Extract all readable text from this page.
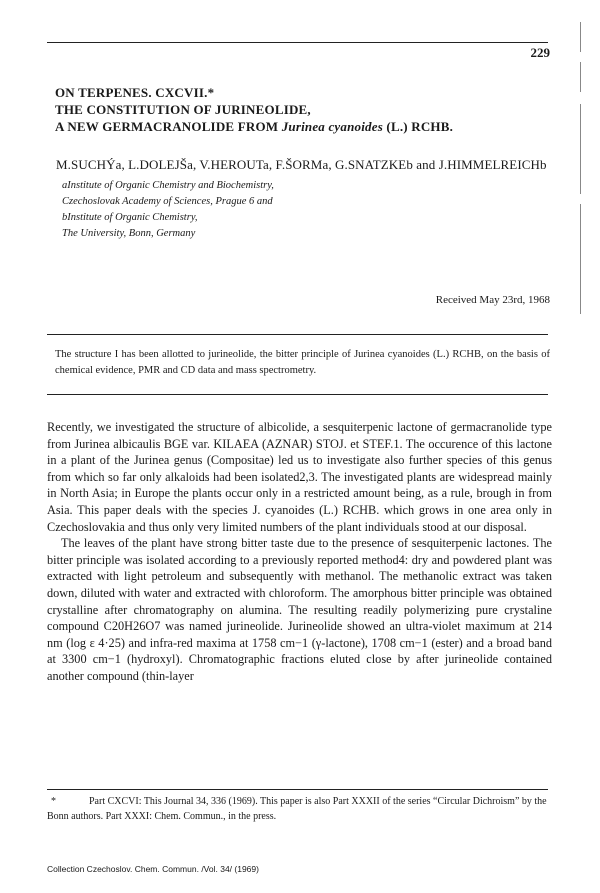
229
ON TERPENES. CXCVII.*
THE CONSTITUTION OF JURINEOLIDE,
A NEW GERMACRANOLIDE FROM Jurinea cyanoides (L.) RCHB.
M.SUCHÝa, L.DOLEJŠa, V.HEROUTa, F.ŠORMa, G.SNATZKEb and J.HIMMELREICHb
aInstitute of Organic Chemistry and Biochemistry,
Czechoslovak Academy of Sciences, Prague 6 and
bInstitute of Organic Chemistry,
The University, Bonn, Germany
Received May 23rd, 1968
The structure I has been allotted to jurineolide, the bitter principle of Jurinea cyanoides (L.) RCHB, on the basis of chemical evidence, PMR and CD data and mass spectrometry.

Recently, we investigated the structure of albicolide, a sesquiterpenic lactone of germacranolide type from Jurinea albicaulis BGE var. KILAEA (AZNAR) STOJ. et STEF.1. The occurence of this lactone in a plant of the Jurinea genus (Compositae) led us to investigate also further species of this genus from which so far only alkaloids had been isolated2,3. The investigated plants are widespread mainly in North Asia; in Europe the plants occur only in a restricted amount being, as a rule, brough in from Asia. This paper deals with the species J. cyanoides (L.) RCHB. which grows in one area only in Czechoslovakia and thus only very limited numbers of the plant individuals stood at our disposal.

The leaves of the plant have strong bitter taste due to the presence of sesquiterpenic lactones. The bitter principle was isolated according to a previously reported method4: dry and powdered plant was extracted with light petroleum and subsequently with methanol. The methanolic extract was taken down, diluted with water and extracted with chloroform. The amorphous bitter principle was obtained crystalline after chromatography on alumina. The resulting readily polymerizing pure crystaline compound C20H26O7 was named jurineolide. Jurineolide showed an ultra-violet maximum at 214 nm (log ε 4·25) and infra-red maxima at 1758 cm−1 (γ-lactone), 1708 cm−1 (ester) and a broad band at 3300 cm−1 (hydroxyl). Chromatographic fractions eluted close by after jurineolide contained another compound (thin-layer

*	Part CXCVI: This Journal 34, 336 (1969). This paper is also Part XXXII of the series “Circular Dichroism” by the Bonn authors. Part XXXI: Chem. Commun., in the press.
Collection Czechoslov. Chem. Commun. /Vol. 34/ (1969)
